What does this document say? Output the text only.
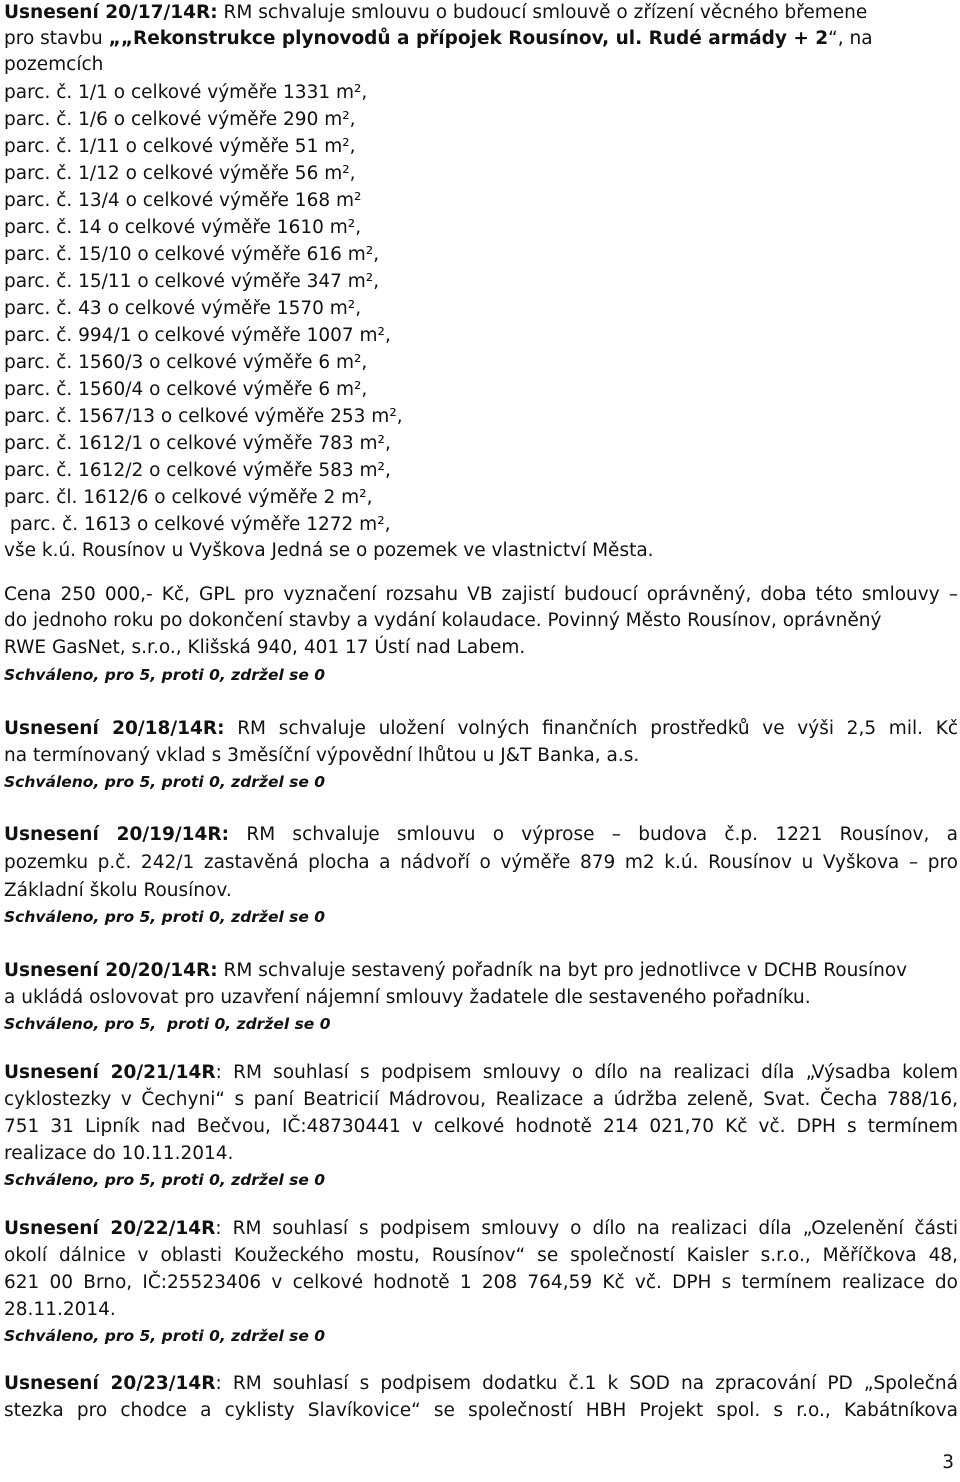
Usnesení 20/17/14R: RM schvaluje smlouvu o budoucí smlouvě o zřízení věcného břemene
pro stavbu „„Rekonstrukce plynovodů a přípojek Rousínov, ul. Rudé armády + 2“, na
pozemcích
parc. č. 1/1 o celkové výměře 1331 m²,
parc. č. 1/6 o celkové výměře 290 m²,
parc. č. 1/11 o celkové výměře 51 m²,
parc. č. 1/12 o celkové výměře 56 m²,
parc. č. 13/4 o celkové výměře 168 m²
parc. č. 14 o celkové výměře 1610 m²,
parc. č. 15/10 o celkové výměře 616 m²,
parc. č. 15/11 o celkové výměře 347 m²,
parc. č. 43 o celkové výměře 1570 m²,
parc. č. 994/1 o celkové výměře 1007 m²,
parc. č. 1560/3 o celkové výměře 6 m²,
parc. č. 1560/4 o celkové výměře 6 m²,
parc. č. 1567/13 o celkové výměře 253 m²,
parc. č. 1612/1 o celkové výměře 783 m²,
parc. č. 1612/2 o celkové výměře 583 m²,
parc. čl. 1612/6 o celkové výměře 2 m²,
parc. č. 1613 o celkové výměře 1272 m²,
vše k.ú. Rousínov u Vyškova Jedná se o pozemek ve vlastnictví Města.
Cena 250 000,- Kč, GPL pro vyznačení rozsahu VB zajistí budoucí oprávněný, doba této smlouvy –
do jednoho roku po dokončení stavby a vydání kolaudace. Povinný Město Rousínov, oprávněný
RWE GasNet, s.r.o., Klišská 940, 401 17 Ústí nad Labem.
Schváleno, pro 5, proti 0, zdržel se 0
Usnesení 20/18/14R: RM schvaluje uložení volných finančních prostředků ve výši 2,5 mil. Kč
na termínovaný vklad s 3měsíční výpovědní lhůtou u J&T Banka, a.s.
Schváleno, pro 5, proti 0, zdržel se 0
Usnesení 20/19/14R: RM schvaluje smlouvu o výprose – budova č.p. 1221 Rousínov, a
pozemku p.č. 242/1 zastavěná plocha a nádvoří o výměře 879 m2 k.ú. Rousínov u Vyškova – pro
Základní školu Rousínov.
Schváleno, pro 5, proti 0, zdržel se 0
Usnesení 20/20/14R: RM schvaluje sestavený pořadník na byt pro jednotlivce v DCHB Rousínov
a ukládá oslovovat pro uzavření nájemní smlouvy žadatele dle sestaveného pořadníku.
Schváleno, pro 5,  proti 0, zdržel se 0
Usnesení 20/21/14R: RM souhlasí s podpisem smlouvy o dílo na realizaci díla „Výsadba kolem
cyklostezky v Čechyni“ s paní Beatricií Mádrovou, Realizace a údržba zeleně, Svat. Čecha 788/16,
751 31 Lipník nad Bečvou, IČ:48730441 v celkové hodnotě 214 021,70 Kč vč. DPH s termínem
realizace do 10.11.2014.
Schváleno, pro 5, proti 0, zdržel se 0
Usnesení 20/22/14R: RM souhlasí s podpisem smlouvy o dílo na realizaci díla „Ozelenění části
okolí dálnice v oblasti Koužeckého mostu, Rousínov“ se společností Kaisler s.r.o., Měříčkova 48,
621 00 Brno, IČ:25523406 v celkové hodnotě 1 208 764,59 Kč vč. DPH s termínem realizace do
28.11.2014.
Schváleno, pro 5, proti 0, zdržel se 0
Usnesení 20/23/14R: RM souhlasí s podpisem dodatku č.1 k SOD na zpracování PD „Společná
stezka pro chodce a cyklisty Slavíkovice“ se společností HBH Projekt spol. s r.o., Kabátníkova
3
